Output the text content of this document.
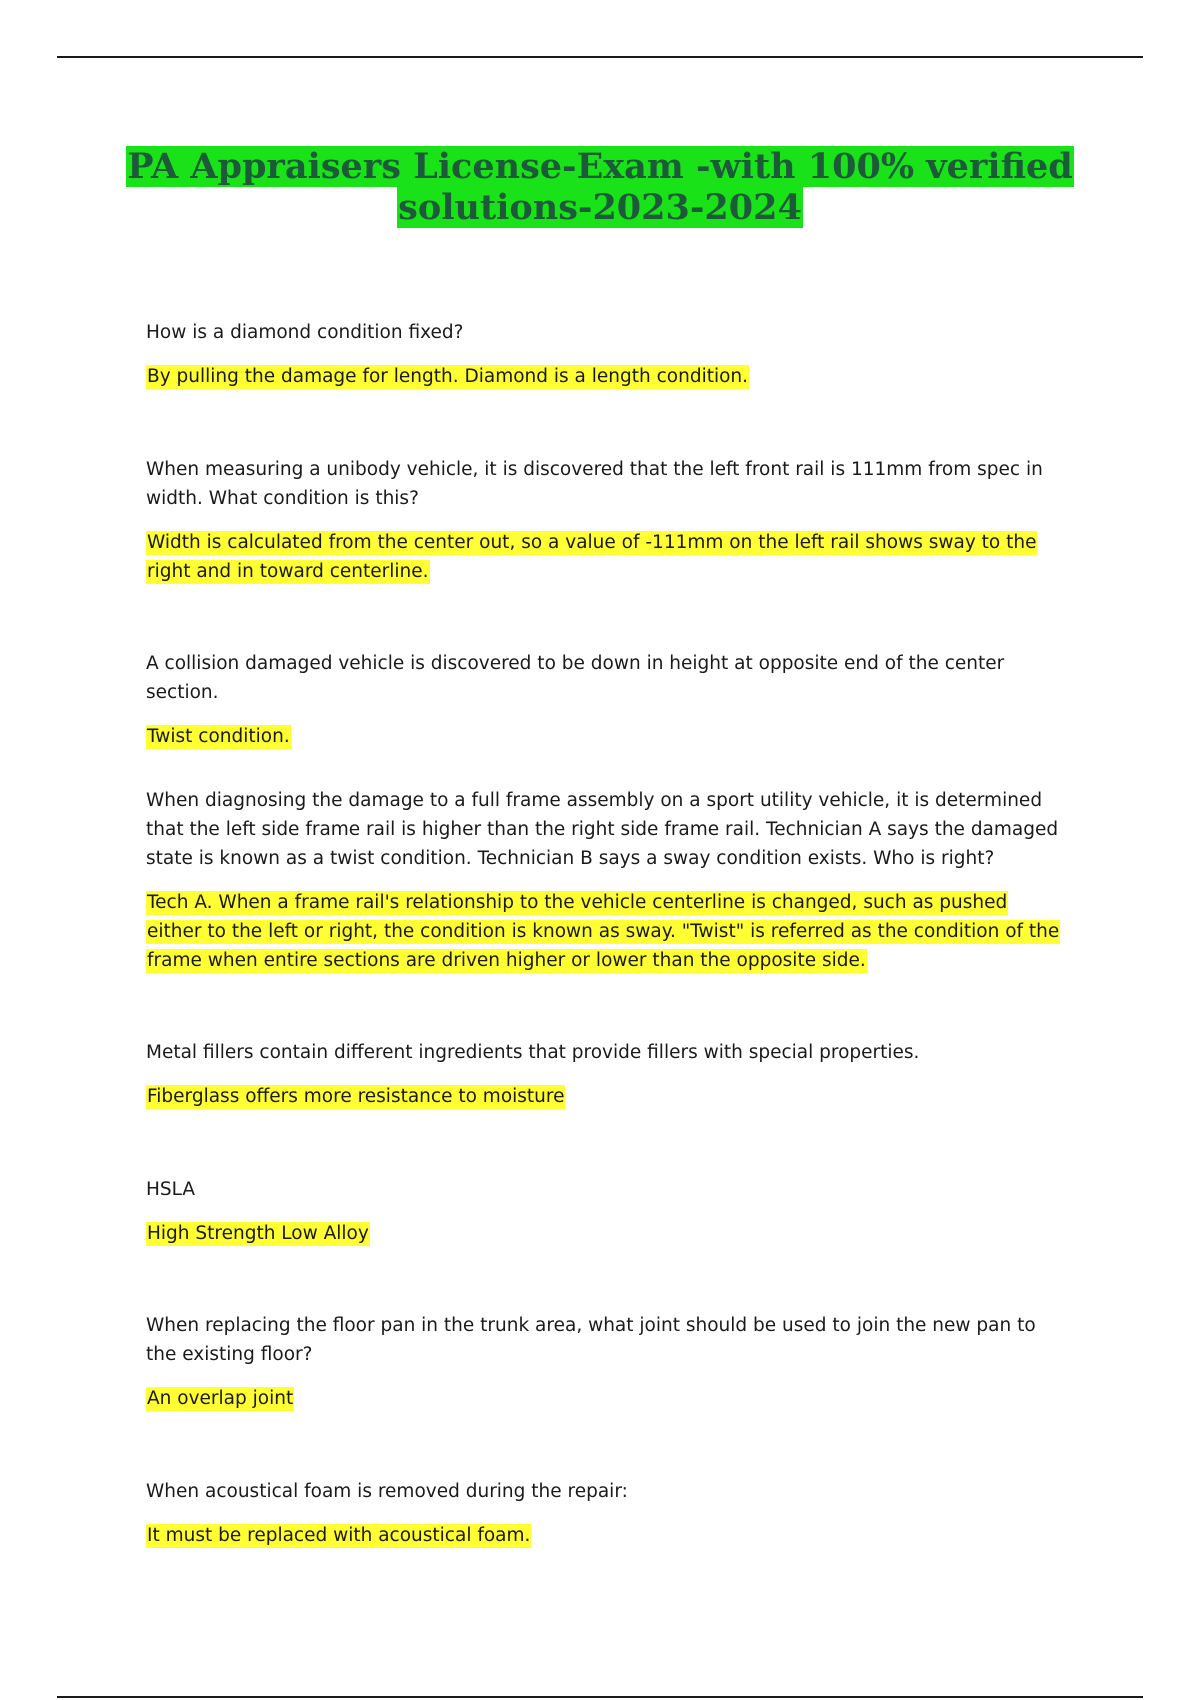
PA Appraisers License-Exam -with 100% verified
solutions-2023-2024

How is a diamond condition fixed?

By pulling the damage for length. Diamond is a length condition.

When measuring a unibody vehicle, it is discovered that the left front rail is 111mm from spec in width. What condition is this?

Width is calculated from the center out, so a value of -111mm on the left rail shows sway to the right and in toward centerline.

A collision damaged vehicle is discovered to be down in height at opposite end of the center section.

Twist condition.

When diagnosing the damage to a full frame assembly on a sport utility vehicle, it is determined that the left side frame rail is higher than the right side frame rail. Technician A says the damaged state is known as a twist condition. Technician B says a sway condition exists. Who is right?

Tech A. When a frame rail's relationship to the vehicle centerline is changed, such as pushed either to the left or right, the condition is known as sway. "Twist" is referred as the condition of the frame when entire sections are driven higher or lower than the opposite side.

Metal fillers contain different ingredients that provide fillers with special properties.

Fiberglass offers more resistance to moisture

HSLA

High Strength Low Alloy

When replacing the floor pan in the trunk area, what joint should be used to join the new pan to the existing floor?

An overlap joint

When acoustical foam is removed during the repair:

It must be replaced with acoustical foam.
